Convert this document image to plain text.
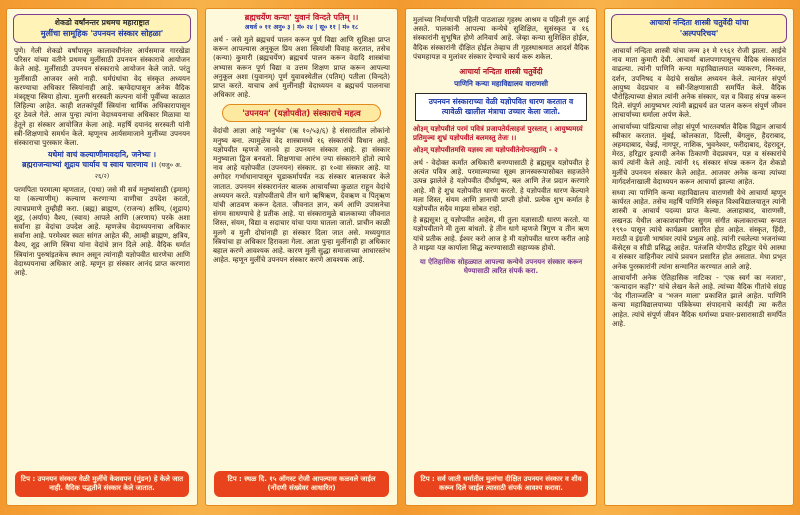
शेकडो वर्षांनन्तर प्रथमच महाराष्ट्रात
मुलींचा सामूहिक 'उपनयन संस्कार सोहळा'
पुणे। गेली शेकडो वर्षांपासून कालावधीनंतर आर्यसमाज गारखेडा परिसर यांच्या वतीने प्रथमच मुलींसाठी उपनयन संस्काराचे आयोजन केले आहे. मुलींसाठी उपनयन संस्काराचे आयोजन केले जाते. परंतु मुलींसाठी आजवर असे नाही. धर्मग्रंथांचा वेद संस्कृत अध्ययन करण्याचा अधिकार स्त्रियांनाही आहे. ऋग्वेदापासून अनेक वैदिक मंत्रदृष्ट्या स्त्रिया होत्या. मुलगी सरस्वती कल्पना यांनी पूर्वीच्या काळात लिहिल्या आहेत. काही शतकांपूर्वी स्त्रियांना धार्मिक अधिकारापासून दूर ठेवले गेले. आज पुन्हा त्यांना वेदाध्ययनाचा अधिकार मिळावा या हेतूने हा संस्कार आयोजित केला आहे. महर्षि दयानंद सरस्वती यांनी स्त्री-शिक्षणाचे समर्थन केले. म्हणूनच आर्यसमाजाने मुलींच्या उपनयन संस्काराचा पुरस्कार केला.
यथेमां वाचं कल्याणीमावदानि, जनेभ्यः ।
ब्रह्मराजन्याभ्यां शूद्राय चार्याय च स्वाय चारणाय ।। (यजु० अ. २६/२)
परमपिता परमात्मा म्हणतात, (यथा) जसे मी सर्व मनुष्यांसाठी (इमाम्) या (कल्याणीम्) कल्याण करणाऱ्या वाणीचा उपदेश करतो, त्याचप्रमाणे तुम्हीही करा. (ब्रह्म) ब्राह्मण, (राजन्य) क्षत्रिय, (शूद्राय) शूद्र, (अर्याय) वैश्य, (स्वाय) आपले आणि (अरणाय) परके अशा सर्वांना हा वेदांचा उपदेश आहे. म्हणजेच वेदाध्ययनाचा अधिकार सर्वांना आहे. परमेश्वर स्वतः सांगत आहेत की, आम्ही ब्राह्मण, क्षत्रिय, वैश्य, शूद्र आणि स्त्रिया यांना वेदांचे ज्ञान दिले आहे. वैदिक धर्मात स्त्रियांना पुरुषांइतकेच स्थान असून त्यांनाही यज्ञोपवीत धारणेचा आणि वेदाध्ययनाचा अधिकार आहे. म्हणून हा संस्कार आनंद प्राप्त करणारा आहे.
टिप : उपनयन संस्कार वेळी मुलींचे केशवपन (मुंडन) हे केले जात नाही. वैदिक पद्धतीने संस्कार केले जातात.
ब्रह्मचर्येण कन्या' युवानं विन्दते पतिम् ।।
अथर्व ० ११ अनु० ३ | मं० २४ | सू० ११ | मं० १८
अर्थ - जसे मुले ब्रह्मचर्य पालन करून पूर्ण विद्या आणि सुशिक्षा प्राप्त करून आपल्यास अनुकूल प्रिय अशा स्त्रियांशी विवाह करतात, तसेच (कन्या) कुमारी (ब्रह्मचर्येण) ब्रह्मचर्य पालन करून वेदादि शास्त्रांचा अभ्यास करून पूर्ण विद्या व उत्तम शिक्षण प्राप्त करून आपल्या अनुकूल अशा (युवानम्) पूर्ण युवावस्थेतील (पतिम्) पतीला (विन्दते) प्राप्त करते. याचाच अर्थ मुलींनाही वेदाध्ययन व ब्रह्मचर्य पालनाचा अधिकार आहे.
'उपनयन' (यज्ञोपवीत) संस्काराचे महत्व
वेदांची आज्ञा आहे 'मनुर्भव' (ऋ १०/५३/६) हे संसारातील लोकांनो मनुष्य बना. त्यामुळेच वेद शास्त्रामध्ये १६ संस्कारांचे विधान आहे. यज्ञोपवीत म्हणजे जानवे हा उपनयन संस्कार आहे. हा संस्कार मनुष्याला द्विज बनवतो. शिक्षणाचा आरंभ ज्या संस्काराने होतो त्याचे नाव आहे यज्ञोपवीत (उपनयन) संस्कार. हा १०वा संस्कार आहे. या अगोदर गर्भाधानापासून चूडाकर्मापर्यंत नऊ संस्कार बालकावर केले जातात. उपनयन संस्कारानंतर बालक आचार्यांच्या कुळात राहून वेदांचे अध्ययन करते. यज्ञोपवीताचे तीन धागे ऋषिऋण, देवऋण व पितृऋण यांची आठवण करून देतात. जीवनात ज्ञान, कर्म आणि उपासनेचा संगम साधण्याचे हे प्रतीक आहे. या संस्कारामुळे बालकाच्या जीवनात शिस्त, संयम, विद्या व सदाचार यांचा पाया घातला जातो. प्राचीन काळी मुलगे व मुली दोघांनाही हा संस्कार दिला जात असे. मध्ययुगात स्त्रियांचा हा अधिकार हिरावला गेला. आता पुन्हा मुलींनाही हा अधिकार बहाल करणे आवश्यक आहे. कारण मुली सुद्धा समाजाच्या आधारस्तंभ आहेत. म्हणून मुलींचे उपनयन संस्कार करणे आवश्यक आहे.
टिप : स्थळ दि. १५ ऑगस्ट रोजी आपल्यास कळवले जाईल (नोंदणी संख्येवर आधारित)
मुलांच्या निर्माणाची पहिली पाठशाळा गृहस्थ आश्रम व पहिली गुरु आई असते. पालकांनी आपल्या कन्येचे सुशिक्षित, सुसंस्कृत व १६ संस्कारांनी सुभूषित होणे अनिवार्य आहे. जेव्हा कन्या सुशिक्षित होईल, वैदिक संस्कारांनी दीक्षित होईल तेव्हाच ती गृहस्थाश्रमात आदर्श वैदिक पंचमहायज्ञ व मुलांवर संस्कार देण्याचे कार्य करू शकेल.
आचार्या नन्दिता शास्त्री चतुर्वेदी
पाणिनि कन्या महाविद्यालय वाराणसी
उपनयन संस्काराच्या वेळी यज्ञोपवित धारण करतात व त्यावेळी खालील मंत्राचा उच्चार केला जातो.
ओ३म् यज्ञोपवीतं परमं पवित्रं प्रजापतेर्यत्सहजं पुरस्तात् । आयुष्यमग्र्यं प्रतिमुञ्च शुभ्रं यज्ञोपवीतं बलमस्तु तेजः ।।
ओ३म् यज्ञोपवीतमसि यज्ञस्य त्वा यज्ञोपवीतेनोपनह्यामि - २
अर्थ - वेदोक्त कर्मांत अधिकारी बनण्यासाठी हे ब्रह्मसूत्र यज्ञोपवीत हे अत्यंत पवित्र आहे. परमात्म्याच्या सूक्ष्म ज्ञानस्वरूपासोबत सहजतेने उत्पन्न झालेले हे यज्ञोपवीत दीर्घायुष्य, बल आणि तेज प्रदान करणारे आहे. मी हे शुभ्र यज्ञोपवीत धारण करतो. हे यज्ञोपवीत धारण केल्याने मला शिस्त, संयम आणि ज्ञानाची प्राप्ती होवो. प्रत्येक शुभ कर्मात हे यज्ञोपवीत सदैव माझ्या सोबत राहो.
हे ब्रह्मसूत्र! तू यज्ञोपवीत आहेस, मी तुला यज्ञासाठी धारण करतो. या यज्ञोपवीताने मी तुला बांधतो. हे तीन धागे म्हणजे त्रिगुण व तीन ऋण यांचे प्रतीक आहे. ईश्वर करो आज हे मी यज्ञोपवीत धारण करीत आहे ते माझ्या यज्ञ कार्याला सिद्ध करण्यासाठी सहाय्यक होवो.
या ऐतिहासिक सोहळ्यात आपल्या कन्येचे उपनयन संस्कार करून घेण्यासाठी त्वरित संपर्क करा.
टिप : सर्व जाती धर्मातील मुलांचा दीक्षित उपनयन संस्कार व शीव करून दिले जाईल त्यासाठी संपर्क आवश्य करावा.
आचार्या नन्दिता शास्त्री चतुर्वेदी यांचा
'अल्पपरिचय'
आचार्या नन्दिता शास्त्री यांचा जन्म ३१ मे १९६१ रोजी झाला. आईचे नाव माता कुमारी देवी. आचार्या बालपणापासूनच वैदिक संस्कारांत वाढल्या. त्यांनी पाणिनि कन्या महाविद्यालयात व्याकरण, निरुक्त, दर्शन, उपनिषद व वेदांचे सखोल अध्ययन केले. त्यानंतर संपूर्ण आयुष्य वेदप्रचार व स्त्री-शिक्षणासाठी समर्पित केले. वैदिक पौरोहित्याच्या क्षेत्रात त्यांनी अनेक संस्कार, यज्ञ व विवाह संपन्न करून दिले. संपूर्ण आयुष्यभर त्यांनी ब्रह्मचर्य व्रत पालन करून संपूर्ण जीवन आचार्याच्या धर्माला अर्पण केले.
आचार्याच्या पांडित्याचा लोहा संपूर्ण भारतवर्षात वैदिक विद्वान आचार्य स्वीकार करतात. मुंबई, कोलकाता, दिल्ली, बेंगलुरु, हैदराबाद, अहमदाबाद, चेन्नई, नागपूर, नाशिक, भुवनेश्वर, फरीदाबाद, देहरादून, मेरठ, हरिद्वार इत्यादी अनेक ठिकाणी वेदप्रवचन, यज्ञ व संस्कारांचे कार्य त्यांनी केले आहे. त्यांनी १६ संस्कार संपन्न करून देत शेकडो मुलींचे उपनयन संस्कार केले आहेत. आजवर अनेक कन्या त्यांच्या मार्गदर्शनाखाली वेदाध्ययन करून आचार्या झाल्या आहेत.
सध्या त्या पाणिनि कन्या महाविद्यालय वाराणसी येथे आचार्या म्हणून कार्यरत आहेत. तसेच महर्षि पाणिनि संस्कृत विश्वविद्यालयातून त्यांनी शास्त्री व आचार्य पदव्या प्राप्त केल्या. अलाहाबाद, वाराणसी, लखनऊ येथील आकाशवाणीवर सुगम संगीत कलाकाराच्या रूपात १९९० पासून त्यांचे कार्यक्रम प्रसारित होत आहेत. संस्कृत, हिंदी, मराठी व इंग्रजी भाषांवर त्यांचे प्रभुत्व आहे. त्यांनी रचलेल्या भजनांच्या कॅसेट्स व सीडी प्रसिद्ध आहेत. पतंजलि योगपीठ हरिद्वार येथे आस्था व संस्कार वाहिनीवर त्यांचे प्रवचन प्रसारित होत असतात. मेधा प्रभृत अनेक पुरस्कारांनी त्यांना सन्मानित करण्यात आले आहे.
आचार्यांनी अनेक ऐतिहासिक नाटिका - 'एक स्वर्ग का नजारा', 'कन्यादान कहाँ?' यांचे लेखन केले आहे. त्यांच्या वैदिक गीतांचे संग्रह 'वेद गीताञ्जलि' व 'भजन माला' प्रकाशित झाले आहेत. पाणिनि कन्या महाविद्यालयाच्या पत्रिकेच्या संपादनाचे कार्यही त्या करीत आहेत. त्यांचे संपूर्ण जीवन वैदिक धर्माच्या प्रचार-प्रसारासाठी समर्पित आहे.
